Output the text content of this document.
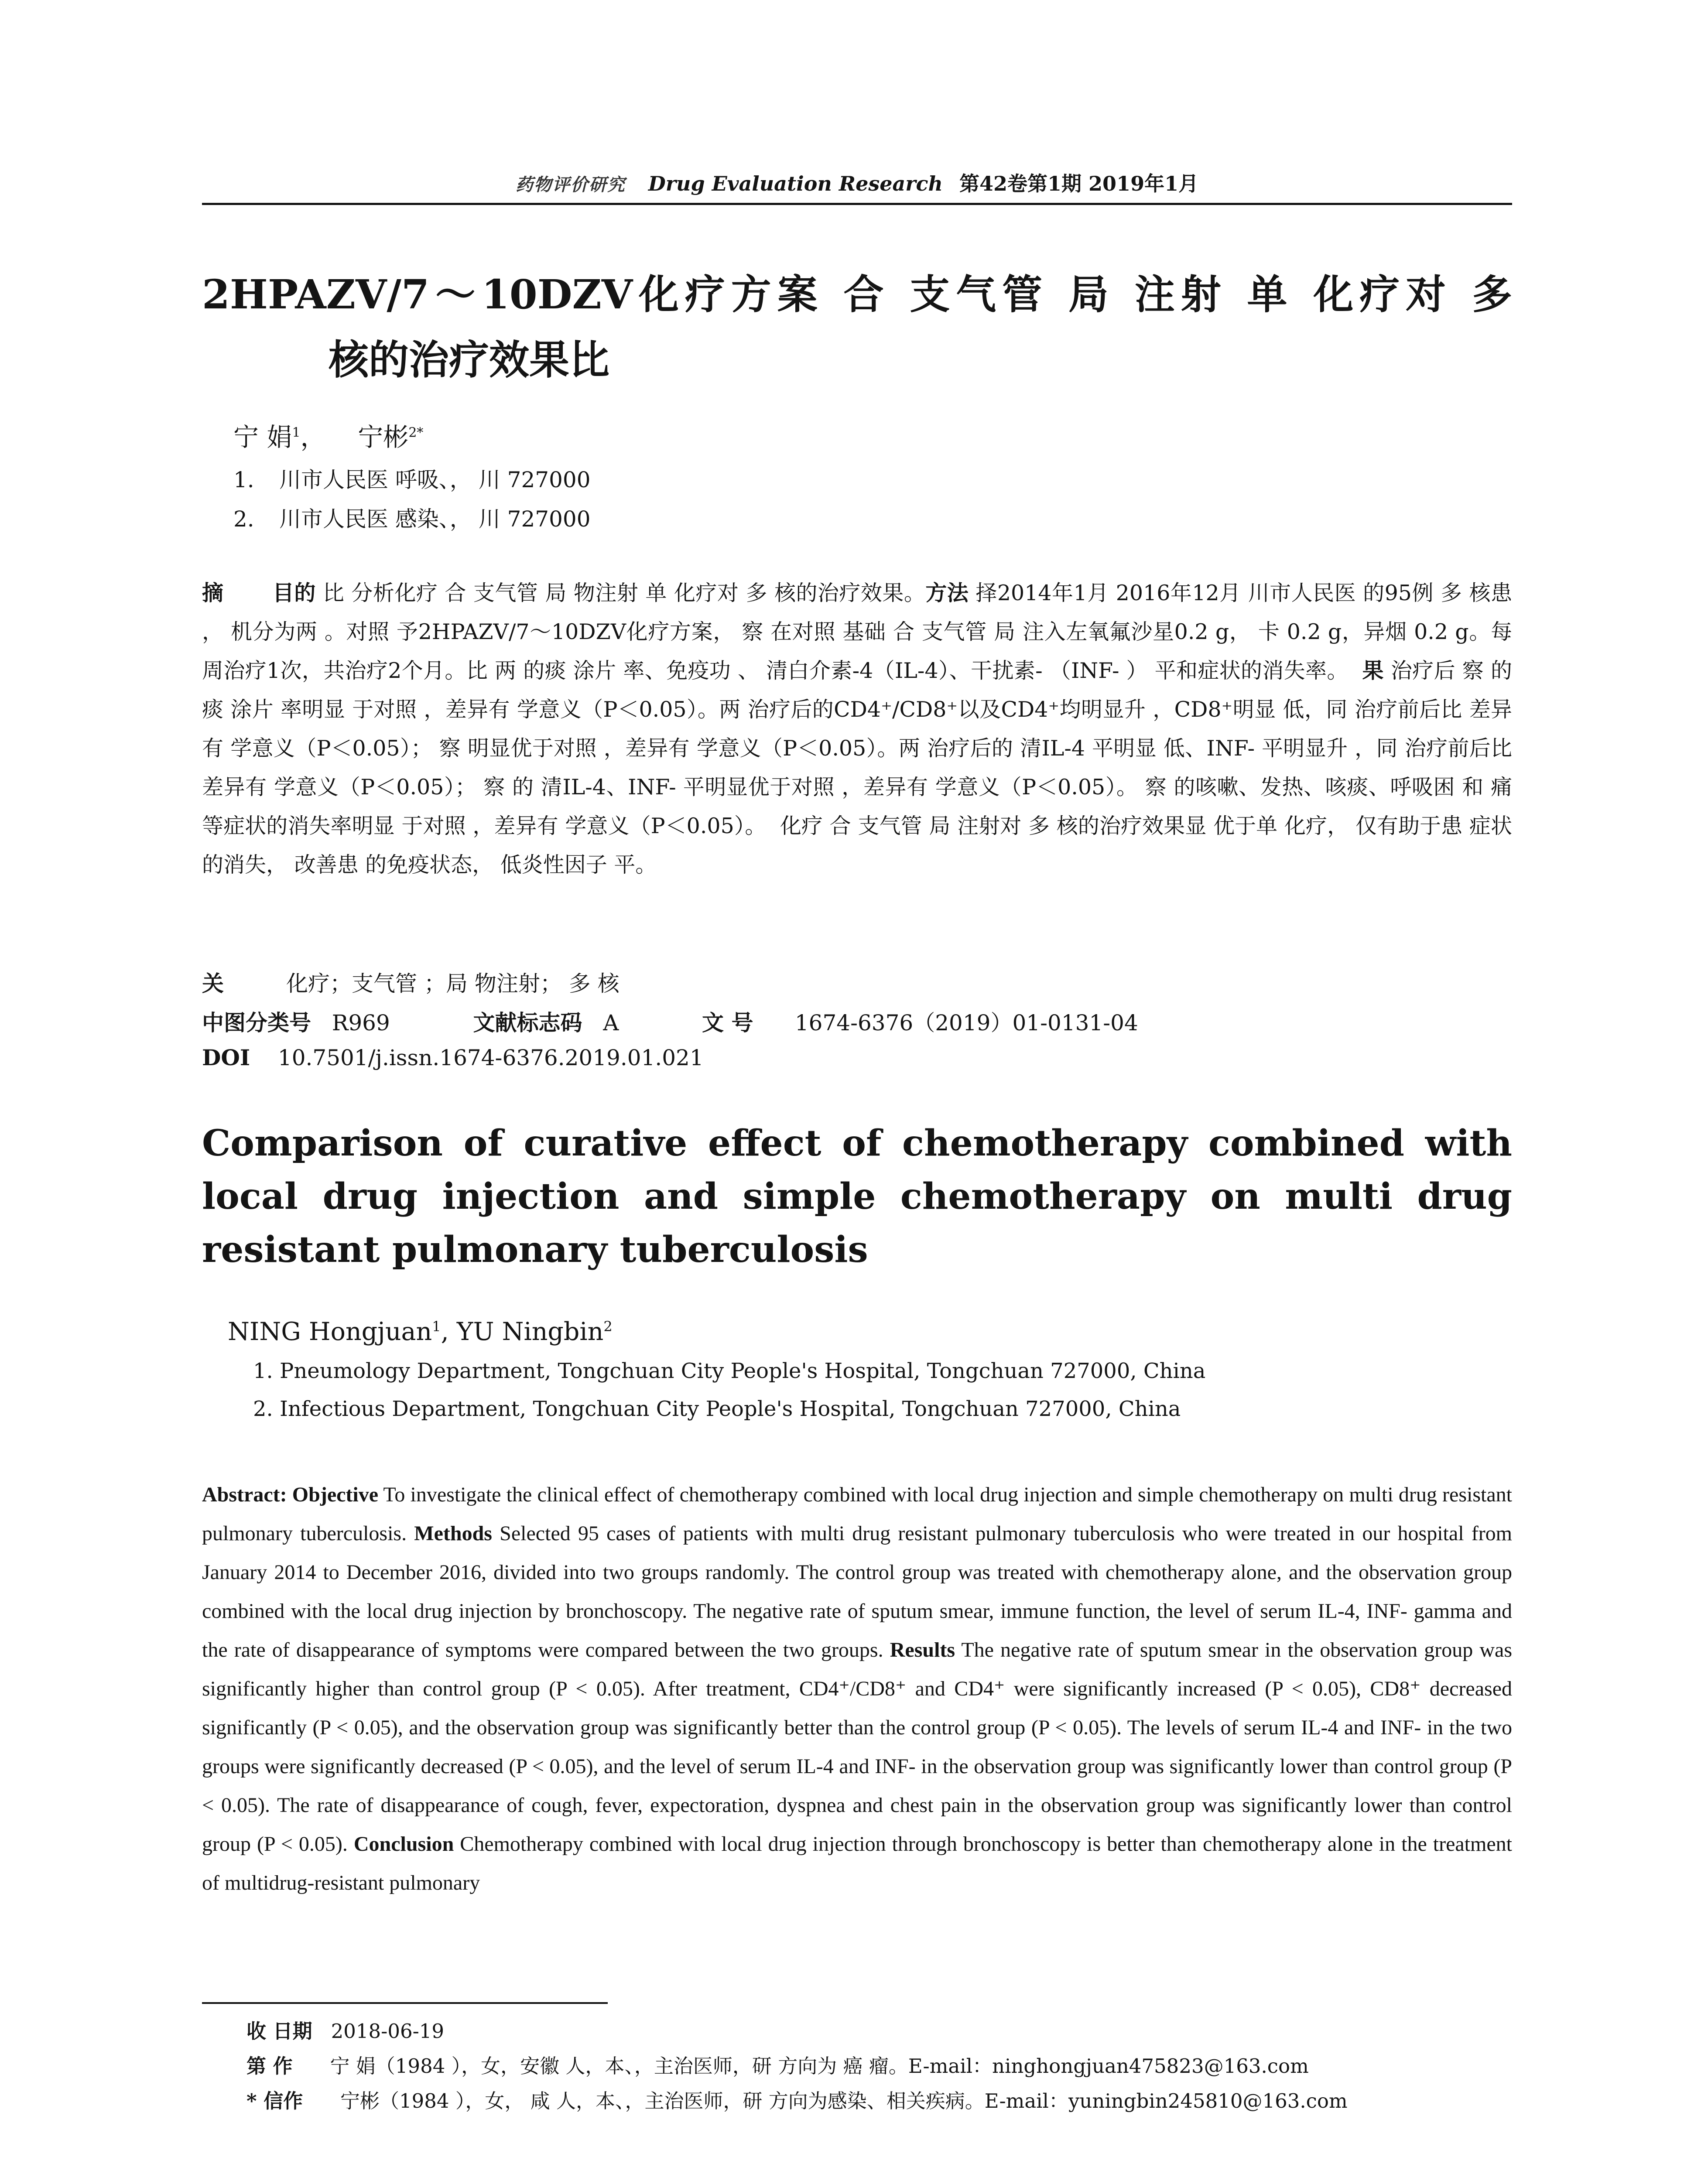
药物评价研究 Drug Evaluation Research 第42卷第1期 2019年1月
2HPAZV/7～10DZV化疗方案 合 支气管 局 注射 单 化疗对 多
核的治疗效果比
宁 娟$^1$， 宁彬$^{2*}$
1. 川市人民医 呼吸、， 川 727000
2. 川市人民医 感染、， 川 727000
摘 目的 比 分析化疗 合 支气管 局 物注射 单 化疗对 多 核的治疗效果。方法 择2014年1月 2016年12月 川市人民医 的95例 多 核患 ， 机分为两 。对照 予2HPAZV/7～10DZV化疗方案， 察 在对照 基础 合 支气管 局 注入左氧氟沙星0.2 g， 卡 0.2 g，异烟 0.2 g。每周治疗1次，共治疗2个月。比 两 的痰 涂片 率、免疫功 、 清白介素-4（IL-4）、干扰素- （INF- ） 平和症状的消失率。 果 治疗后 察 的痰 涂片 率明显 于对照 ，差异有 学意义（P＜0.05）。两 治疗后的CD4⁺/CD8⁺以及CD4⁺均明显升 ，CD8⁺明显 低，同 治疗前后比 差异有 学意义（P＜0.05）； 察 明显优于对照 ，差异有 学意义（P＜0.05）。两 治疗后的 清IL-4 平明显 低、INF- 平明显升 ，同 治疗前后比 差异有 学意义（P＜0.05）； 察 的 清IL-4、INF- 平明显优于对照 ，差异有 学意义（P＜0.05）。 察 的咳嗽、发热、咳痰、呼吸困 和 痛等症状的消失率明显 于对照 ，差异有 学意义（P＜0.05）。 化疗 合 支气管 局 注射对 多 核的治疗效果显 优于单 化疗， 仅有助于患 症状的消失， 改善患 的免疫状态， 低炎性因子 平。
关	化疗；支气管 ；局 物注射； 多 核
中图分类号 R969	文献标志码 A	文 号 1674-6376（2019）01-0131-04
DOI 10.7501/j.issn.1674-6376.2019.01.021
Comparison of curative effect of chemotherapy combined with local drug injection and simple chemotherapy on multi drug resistant pulmonary tuberculosis
NING Hongjuan$^1$, YU Ningbin$^2$
1. Pneumology Department, Tongchuan City People's Hospital, Tongchuan 727000, China
2. Infectious Department, Tongchuan City People's Hospital, Tongchuan 727000, China
Abstract: Objective To investigate the clinical effect of chemotherapy combined with local drug injection and simple chemotherapy on multi drug resistant pulmonary tuberculosis. Methods Selected 95 cases of patients with multi drug resistant pulmonary tuberculosis who were treated in our hospital from January 2014 to December 2016, divided into two groups randomly. The control group was treated with chemotherapy alone, and the observation group combined with the local drug injection by bronchoscopy. The negative rate of sputum smear, immune function, the level of serum IL-4, INF- gamma and the rate of disappearance of symptoms were compared between the two groups. Results The negative rate of sputum smear in the observation group was significantly higher than control group (P < 0.05). After treatment, CD4⁺/CD8⁺ and CD4⁺ were significantly increased (P < 0.05), CD8⁺ decreased significantly (P < 0.05), and the observation group was significantly better than the control group (P < 0.05). The levels of serum IL-4 and INF- in the two groups were significantly decreased (P < 0.05), and the level of serum IL-4 and INF- in the observation group was significantly lower than control group (P < 0.05). The rate of disappearance of cough, fever, expectoration, dyspnea and chest pain in the observation group was significantly lower than control group (P < 0.05). Conclusion Chemotherapy combined with local drug injection through bronchoscopy is better than chemotherapy alone in the treatment of multidrug-resistant pulmonary
收 日期 2018-06-19
第 作 宁 娟（1984 ），女，安徽 人，本、，主治医师，研 方向为 癌 瘤。E-mail：ninghongjuan475823@163.com
* 信作 宁彬（1984 ），女， 咸 人，本、，主治医师，研 方向为感染、相关疾病。E-mail：yuningbin245810@163.com
